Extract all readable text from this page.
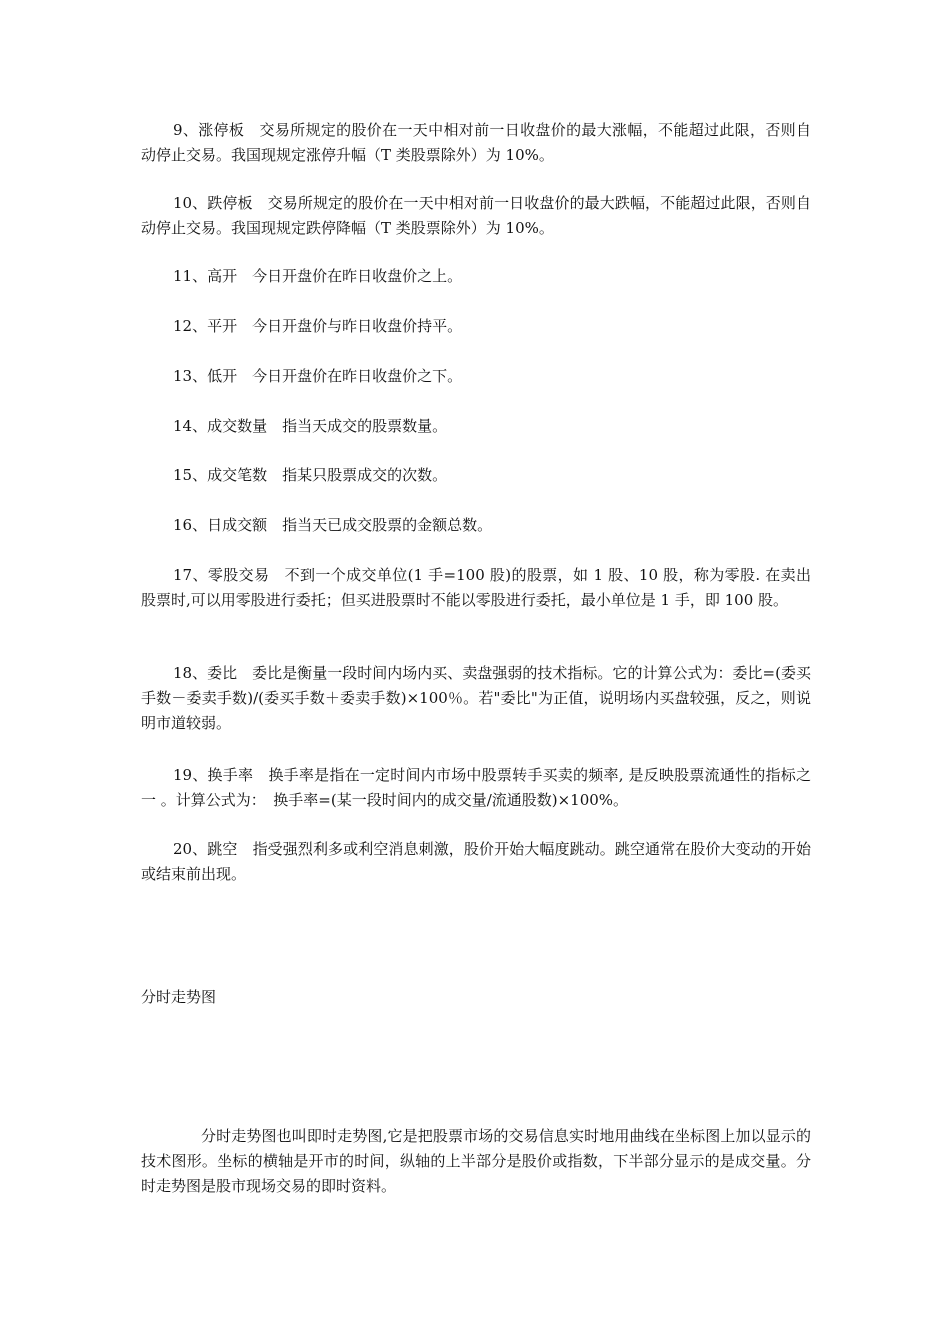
9、涨停板　交易所规定的股价在一天中相对前一日收盘价的最大涨幅，不能超过此限，否则自动停止交易。我国现规定涨停升幅（T 类股票除外）为 10%。

10、跌停板　交易所规定的股价在一天中相对前一日收盘价的最大跌幅，不能超过此限，否则自动停止交易。我国现规定跌停降幅（T 类股票除外）为 10%。

11、高开　今日开盘价在昨日收盘价之上。

12、平开　今日开盘价与昨日收盘价持平。

13、低开　今日开盘价在昨日收盘价之下。

14、成交数量　指当天成交的股票数量。

15、成交笔数　指某只股票成交的次数。

16、日成交额　指当天已成交股票的金额总数。

17、零股交易　不到一个成交单位(1 手=100 股)的股票，如 1 股、10 股，称为零股. 在卖出股票时,可以用零股进行委托；但买进股票时不能以零股进行委托，最小单位是 1 手，即 100 股。

18、委比　委比是衡量一段时间内场内买、卖盘强弱的技术指标。它的计算公式为：委比=(委买手数－委卖手数)/(委买手数＋委卖手数)×100％。若"委比"为正值，说明场内买盘较强，反之，则说明市道较弱。

19、换手率　换手率是指在一定时间内市场中股票转手买卖的频率, 是反映股票流通性的指标之一 。计算公式为：　换手率=(某一段时间内的成交量/流通股数)×100%。

20、跳空　指受强烈利多或利空消息刺激，股价开始大幅度跳动。跳空通常在股价大变动的开始或结束前出现。

分时走势图

分时走势图也叫即时走势图,它是把股票市场的交易信息实时地用曲线在坐标图上加以显示的技术图形。坐标的横轴是开市的时间，纵轴的上半部分是股价或指数，下半部分显示的是成交量。分时走势图是股市现场交易的即时资料。
